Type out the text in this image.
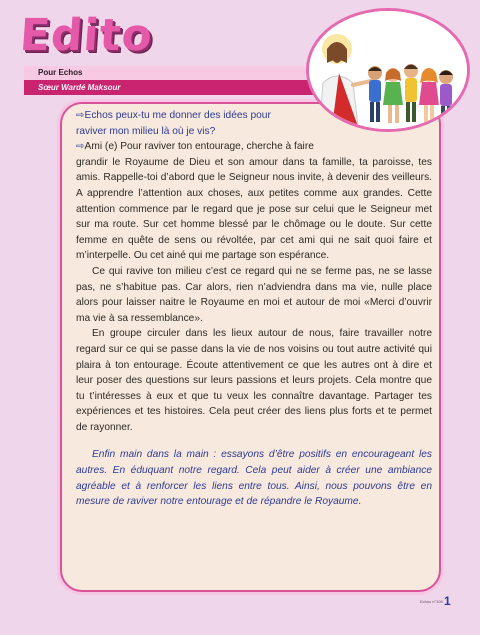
Edito
Pour Echos
Sœur Wardé Maksour
⇨Echos peux-tu me donner des idées pour
raviver mon milieu là où je vis?
⇨Ami (e) Pour raviver ton entourage, cherche à faire

grandir le Royaume de Dieu et son amour dans ta famille, ta paroisse, tes amis. Rappelle-toi d’abord que le Seigneur nous invite, à devenir des veilleurs. A apprendre l’attention aux choses, aux petites comme aux grandes. Cette attention commence par le regard que je pose sur celui que le Seigneur met sur ma route. Sur cet homme blessé par le chômage ou le doute. Sur cette femme en quête de sens ou révoltée, par cet ami qui ne sait quoi faire et m’interpelle. Ou cet ainé qui me partage son espérance.

Ce qui ravive ton milieu c’est ce regard qui ne se ferme pas, ne se lasse pas, ne s’habitue pas. Car alors, rien n’adviendra dans ma vie, nulle place alors pour laisser naitre le Royaume en moi et autour de moi «Merci d’ouvrir ma vie à sa ressemblance».

En groupe circuler dans les lieux autour de nous, faire travailler notre regard sur ce qui se passe dans la vie de nos voisins ou tout autre activité qui plaira à ton entourage. Écoute attentivement ce que les autres ont à dire et leur poser des questions sur leurs passions et leurs projets. Cela montre que tu t’intéresses à eux et que tu veux les connaître davantage. Partager tes expériences et tes histoires. Cela peut créer des liens plus forts et te permet de rayonner.

Enfin main dans la main : essayons d’être positifs en encourageant les autres. En éduquant notre regard. Cela peut aider à créer une ambiance agréable et à renforcer les liens entre tous. Ainsi, nous pouvons être en mesure de raviver notre entourage et de répandre le Royaume.

Echos n°105 1
